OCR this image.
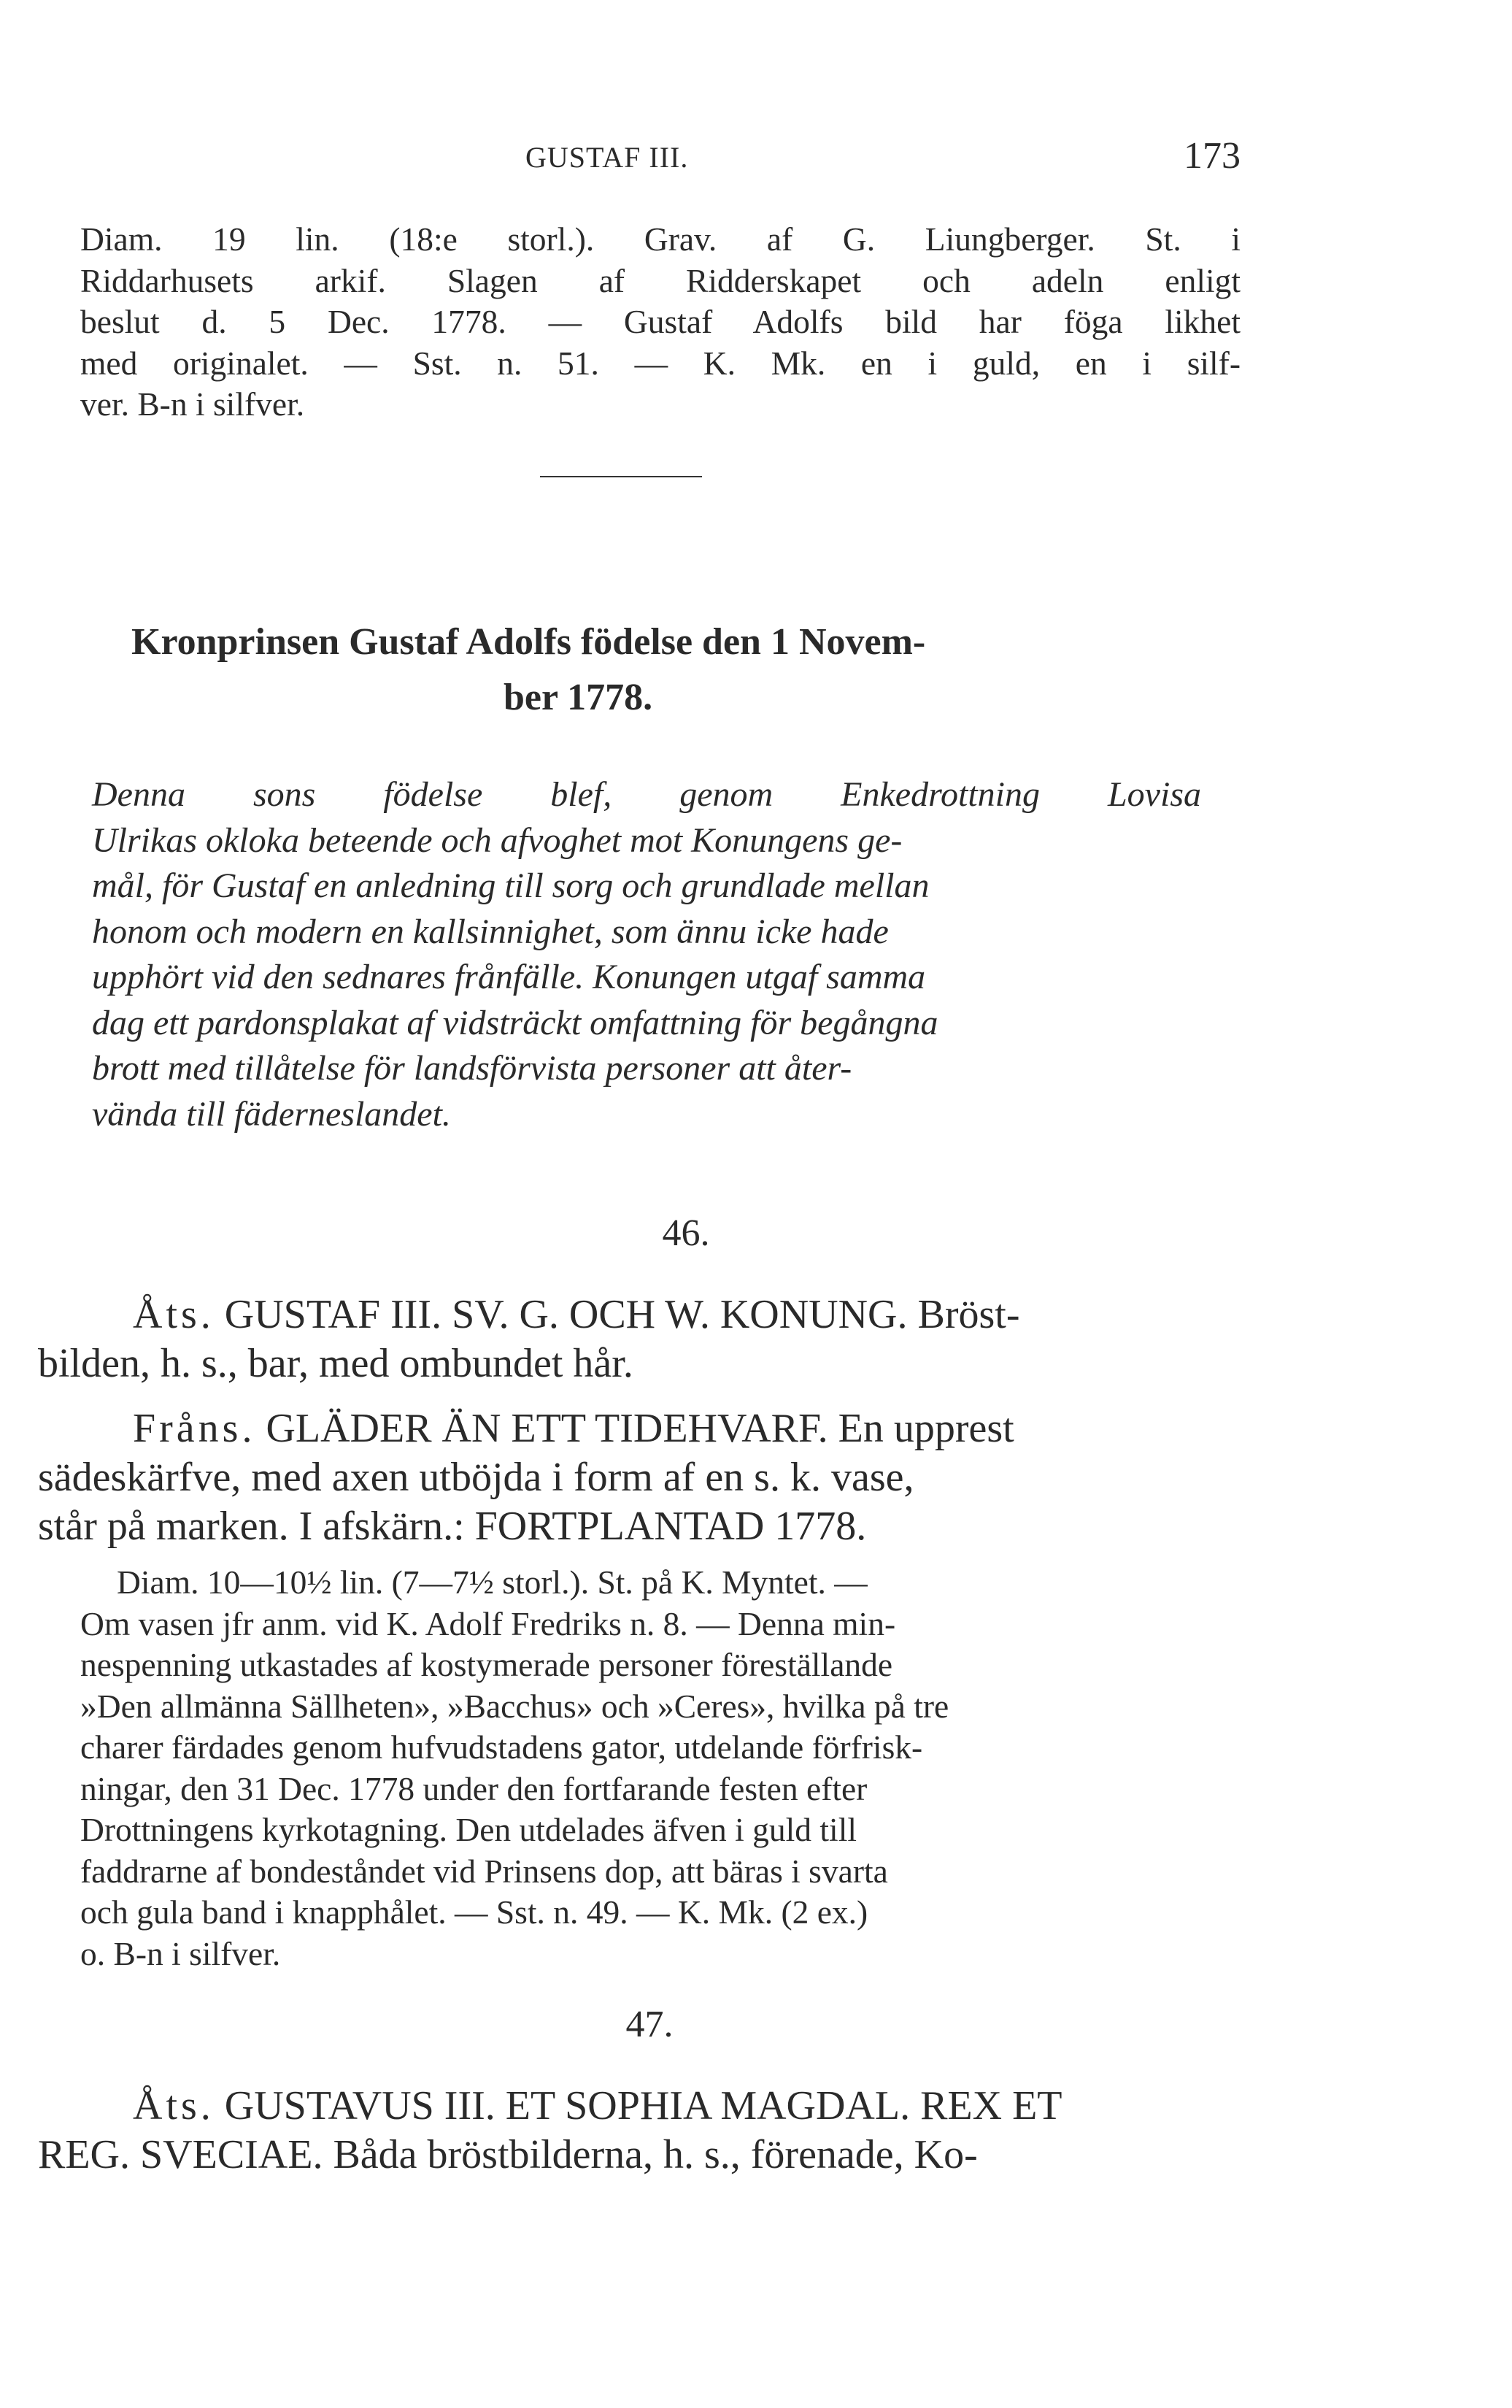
GUSTAF III.	173
Diam. 19 lin. (18:e storl.). Grav. af G. Liungberger. St. i
Riddarhusets arkif. Slagen af Ridderskapet och adeln enligt
beslut d. 5 Dec. 1778. — Gustaf Adolfs bild har föga likhet
med originalet. — Sst. n. 51. — K. Mk. en i guld, en i silf-
ver. B-n i silfver.
Kronprinsen Gustaf Adolfs födelse den 1 Novem-
ber 1778.
Denna sons födelse blef, genom Enkedrottning Lovisa
Ulrikas okloka beteende och afvoghet mot Konungens ge-
mål, för Gustaf en anledning till sorg och grundlade mellan
honom och modern en kallsinnighet, som ännu icke hade
upphört vid den sednares frånfälle. Konungen utgaf samma
dag ett pardonsplakat af vidsträckt omfattning för begångna
brott med tillåtelse för landsförvista personer att åter-
vända till fäderneslandet.
46.
Åts. GUSTAF III. SV. G. OCH W. KONUNG. Bröst-
bilden, h. s., bar, med ombundet hår.
Fråns. GLÄDER ÄN ETT TIDEHVARF. En upprest
sädeskärfve, med axen utböjda i form af en s. k. vase,
står på marken. I afskärn.: FORTPLANTAD 1778.
Diam. 10—10½ lin. (7—7½ storl.). St. på K. Myntet. —
Om vasen jfr anm. vid K. Adolf Fredriks n. 8. — Denna min-
nespenning utkastades af kostymerade personer föreställande
»Den allmänna Sällheten», »Bacchus» och »Ceres», hvilka på tre
charer färdades genom hufvudstadens gator, utdelande förfrisk-
ningar, den 31 Dec. 1778 under den fortfarande festen efter
Drottningens kyrkotagning. Den utdelades äfven i guld till
faddrarne af bondeståndet vid Prinsens dop, att bäras i svarta
och gula band i knapphålet. — Sst. n. 49. — K. Mk. (2 ex.)
o. B-n i silfver.
47.
Åts. GUSTAVUS III. ET SOPHIA MAGDAL. REX ET
REG. SVECIAE. Båda bröstbilderna, h. s., förenade, Ko-
